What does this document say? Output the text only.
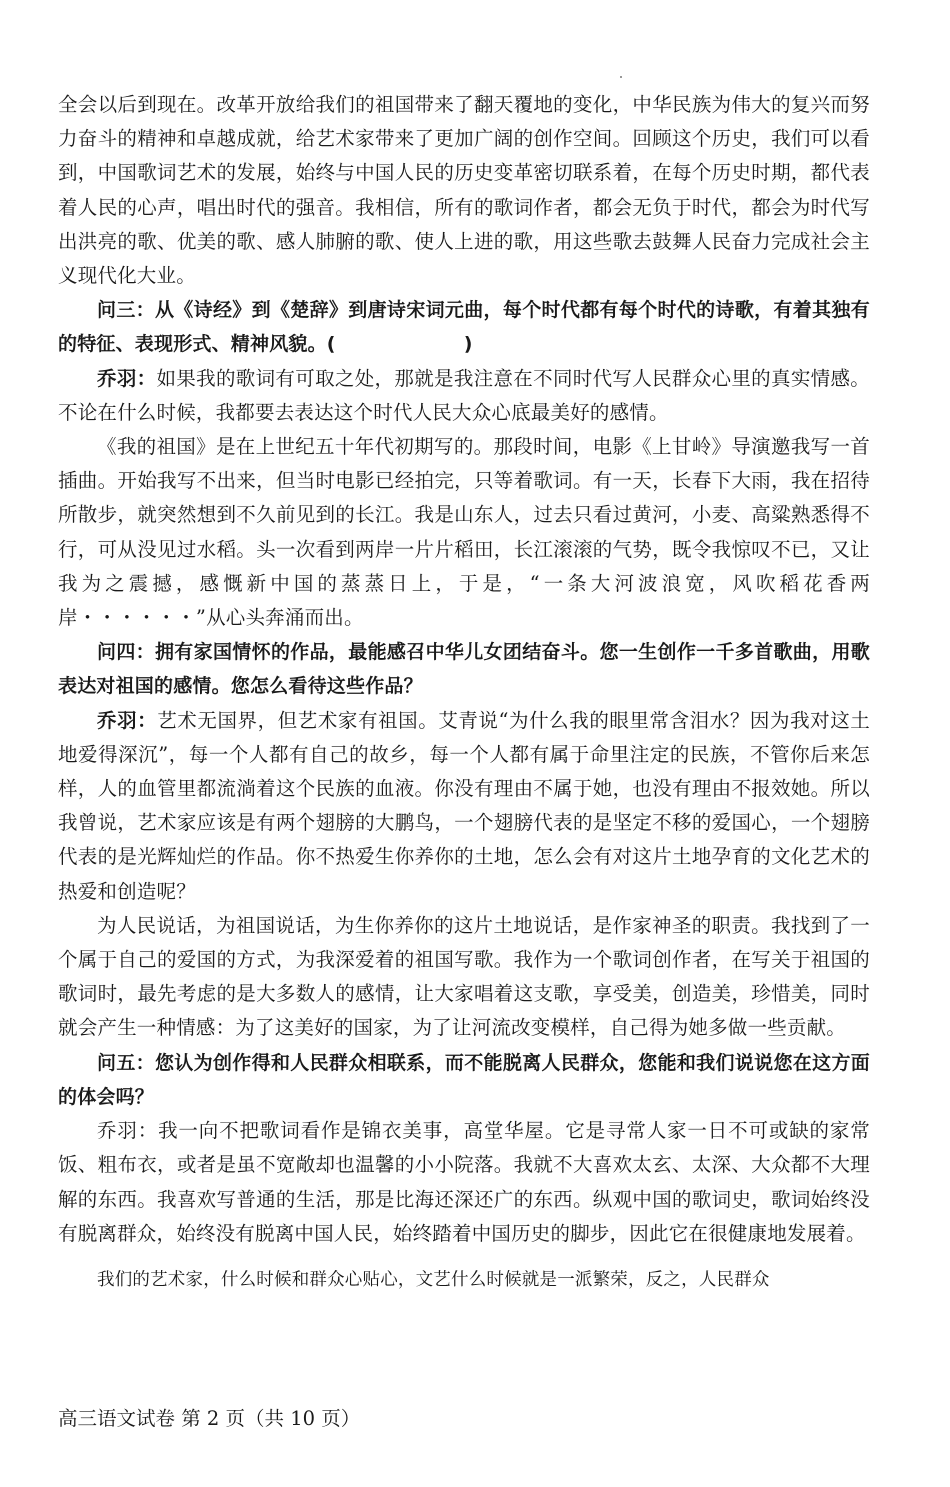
全会以后到现在。改革开放给我们的祖国带来了翻天覆地的变化，中华民族为伟大的复兴而努力奋斗的精神和卓越成就，给艺术家带来了更加广阔的创作空间。回顾这个历史，我们可以看到，中国歌词艺术的发展，始终与中国人民的历史变革密切联系着，在每个历史时期，都代表着人民的心声，唱出时代的强音。我相信，所有的歌词作者，都会无负于时代，都会为时代写出洪亮的歌、优美的歌、感人肺腑的歌、使人上进的歌，用这些歌去鼓舞人民奋力完成社会主义现代化大业。

问三：从《诗经》到《楚辞》到唐诗宋词元曲，每个时代都有每个时代的诗歌，有着其独有的特征、表现形式、精神风貌。(	)

乔羽：如果我的歌词有可取之处，那就是我注意在不同时代写人民群众心里的真实情感。不论在什么时候，我都要去表达这个时代人民大众心底最美好的感情。

《我的祖国》是在上世纪五十年代初期写的。那段时间，电影《上甘岭》导演邀我写一首插曲。开始我写不出来，但当时电影已经拍完，只等着歌词。有一天，长春下大雨，我在招待所散步，就突然想到不久前见到的长江。我是山东人，过去只看过黄河，小麦、高粱熟悉得不行，可从没见过水稻。头一次看到两岸一片片稻田，长江滚滚的气势，既令我惊叹不已，又让我为之震撼，感慨新中国的蒸蒸日上，于是，“一条大河波浪宽，风吹稻花香两岸・・・・・・”从心头奔涌而出。

问四：拥有家国情怀的作品，最能感召中华儿女团结奋斗。您一生创作一千多首歌曲，用歌表达对祖国的感情。您怎么看待这些作品？

乔羽：艺术无国界，但艺术家有祖国。艾青说“为什么我的眼里常含泪水？因为我对这土地爱得深沉”，每一个人都有自己的故乡，每一个人都有属于命里注定的民族，不管你后来怎样，人的血管里都流淌着这个民族的血液。你没有理由不属于她，也没有理由不报效她。所以我曾说，艺术家应该是有两个翅膀的大鹏鸟，一个翅膀代表的是坚定不移的爱国心，一个翅膀代表的是光辉灿烂的作品。你不热爱生你养你的土地，怎么会有对这片土地孕育的文化艺术的热爱和创造呢？

为人民说话，为祖国说话，为生你养你的这片土地说话，是作家神圣的职责。我找到了一个属于自己的爱国的方式，为我深爱着的祖国写歌。我作为一个歌词创作者，在写关于祖国的歌词时，最先考虑的是大多数人的感情，让大家唱着这支歌，享受美，创造美，珍惜美，同时就会产生一种情感：为了这美好的国家，为了让河流改变模样，自己得为她多做一些贡献。

问五：您认为创作得和人民群众相联系，而不能脱离人民群众，您能和我们说说您在这方面的体会吗？

乔羽：我一向不把歌词看作是锦衣美事，高堂华屋。它是寻常人家一日不可或缺的家常饭、粗布衣，或者是虽不宽敞却也温馨的小小院落。我就不大喜欢太玄、太深、大众都不大理解的东西。我喜欢写普通的生活，那是比海还深还广的东西。纵观中国的歌词史，歌词始终没有脱离群众，始终没有脱离中国人民，始终踏着中国历史的脚步，因此它在很健康地发展着。

我们的艺术家，什么时候和群众心贴心，文艺什么时候就是一派繁荣，反之，人民群众

高三语文试卷 第 2 页（共 10 页）
